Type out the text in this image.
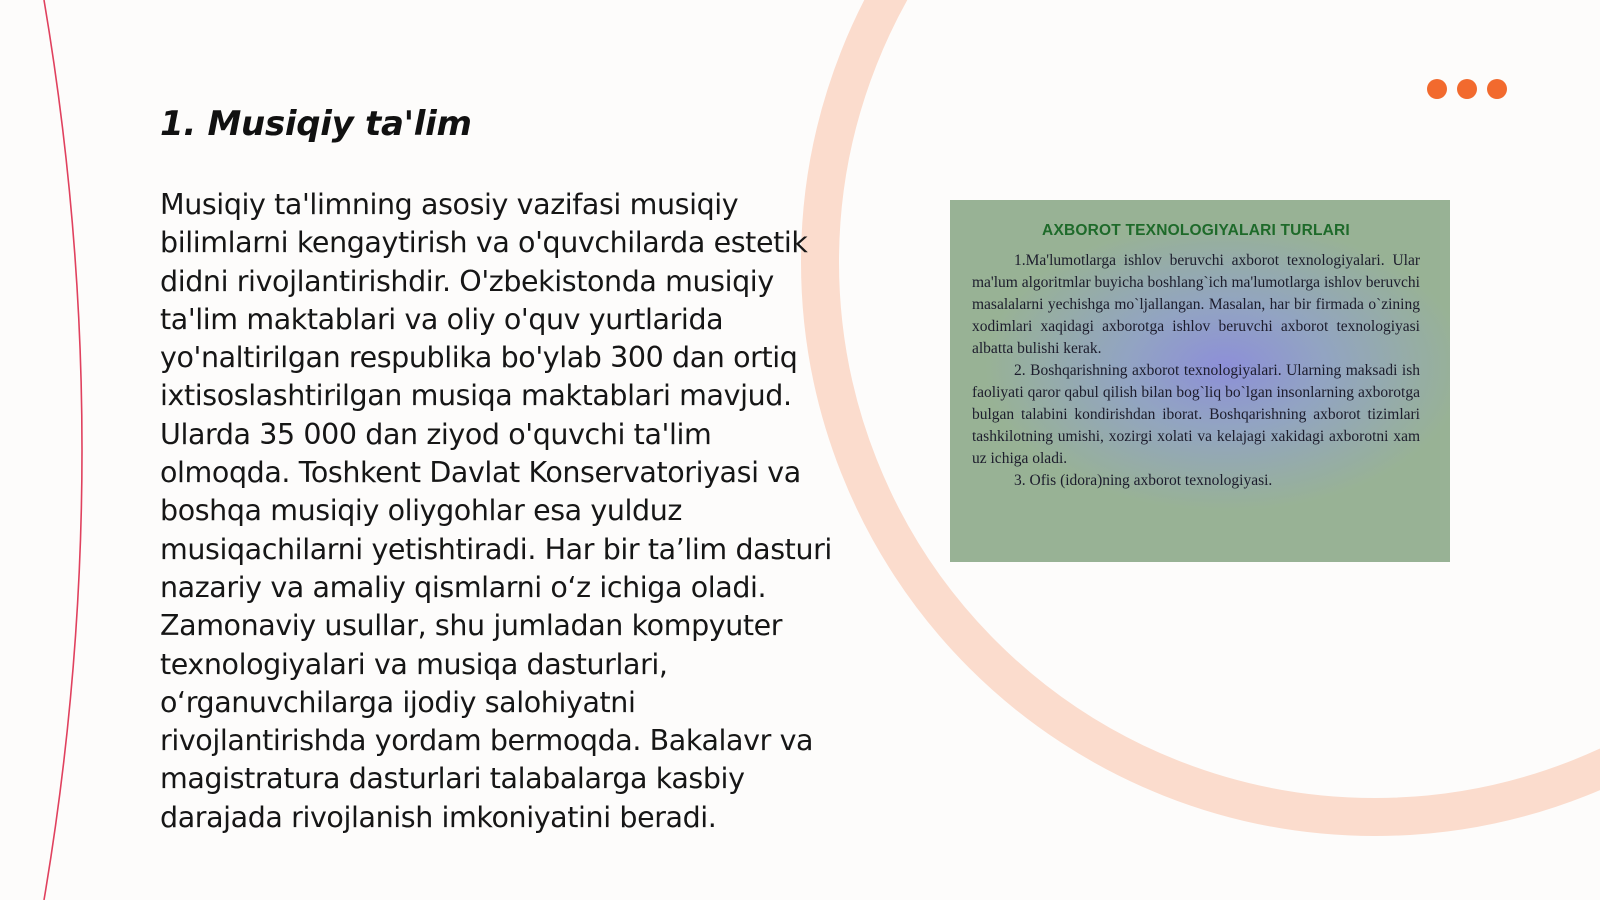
1. Musiqiy ta'lim

Musiqiy ta'limning asosiy vazifasi musiqiy bilimlarni kengaytirish va o'quvchilarda estetik didni rivojlantirishdir. O'zbekistonda musiqiy ta'lim maktablari va oliy o'quv yurtlarida yo'naltirilgan respublika bo'ylab 300 dan ortiq ixtisoslashtirilgan musiqa maktablari mavjud. Ularda 35 000 dan ziyod o'quvchi ta'lim olmoqda. Toshkent Davlat Konservatoriyasi va boshqa musiqiy oliygohlar esa yulduz musiqachilarni yetishtiradi. Har bir ta’lim dasturi nazariy va amaliy qismlarni o‘z ichiga oladi. Zamonaviy usullar, shu jumladan kompyuter texnologiyalari va musiqa dasturlari, o‘rganuvchilarga ijodiy salohiyatni rivojlantirishda yordam bermoqda. Bakalavr va magistratura dasturlari talabalarga kasbiy darajada rivojlanish imkoniyatini beradi.

AXBOROT TEXNOLOGIYALARI TURLARI

1.Ma'lumotlarga ishlov beruvchi axborot texnologiyalari. Ular ma'lum algoritmlar buyicha boshlang`ich ma'lumotlarga ishlov beruvchi masalalarni yechishga mo`ljallangan. Masalan, har bir firmada o`zining xodimlari xaqidagi axborotga ishlov beruvchi axborot texnologiyasi albatta bulishi kerak.

2. Boshqarishning axborot texnologiyalari. Ularning maksadi ish faoliyati qaror qabul qilish bilan bog`liq bo`lgan insonlarning axborotga bulgan talabini kondirishdan iborat. Boshqarishning axborot tizimlari tashkilotning umishi, xozirgi xolati va kelajagi xakidagi axborotni xam uz ichiga oladi.

3. Ofis (idora)ning axborot texnologiyasi.
